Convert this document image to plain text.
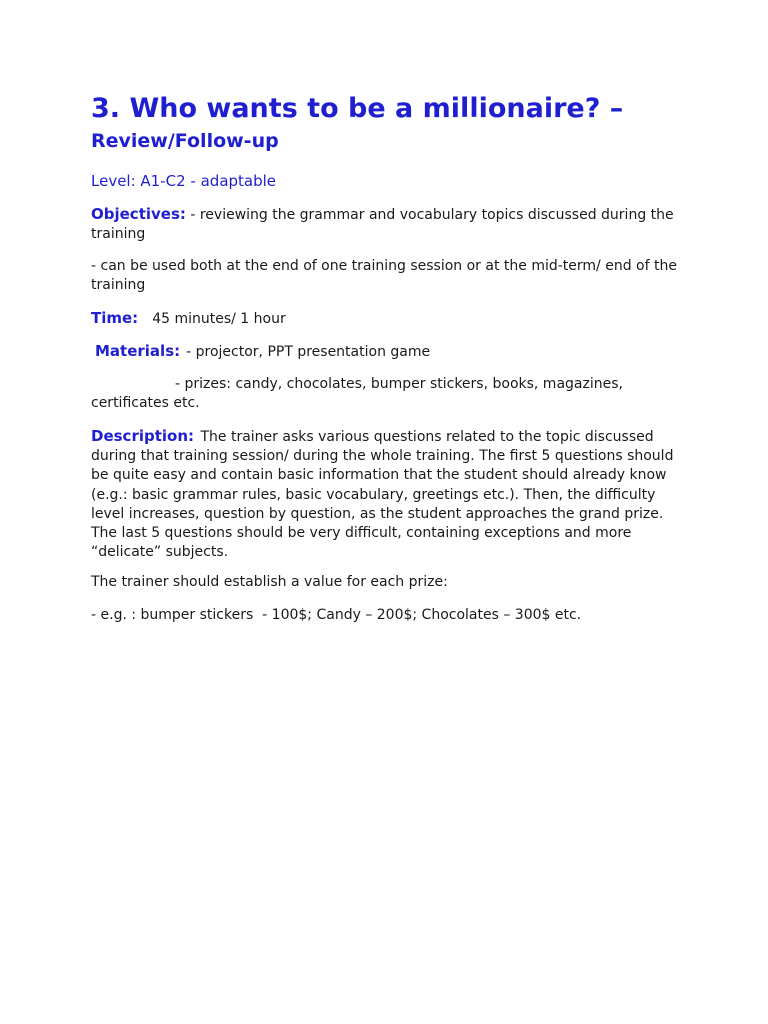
3. Who wants to be a millionaire? –
Review/Follow-up
Level: A1-C2 - adaptable
Objectives: - reviewing the grammar and vocabulary topics discussed during the training
- can be used both at the end of one training session or at the mid-term/ end of the training
Time: 45 minutes/ 1 hour
Materials: - projector, PPT presentation game
- prizes: candy, chocolates, bumper stickers, books, magazines, certificates etc.
Description: The trainer asks various questions related to the topic discussed during that training session/ during the whole training. The first 5 questions should be quite easy and contain basic information that the student should already know (e.g.: basic grammar rules, basic vocabulary, greetings etc.). Then, the difficulty level increases, question by question, as the student approaches the grand prize. The last 5 questions should be very difficult, containing exceptions and more “delicate” subjects.
The trainer should establish a value for each prize:
- e.g. : bumper stickers  - 100$; Candy – 200$; Chocolates – 300$ etc.
